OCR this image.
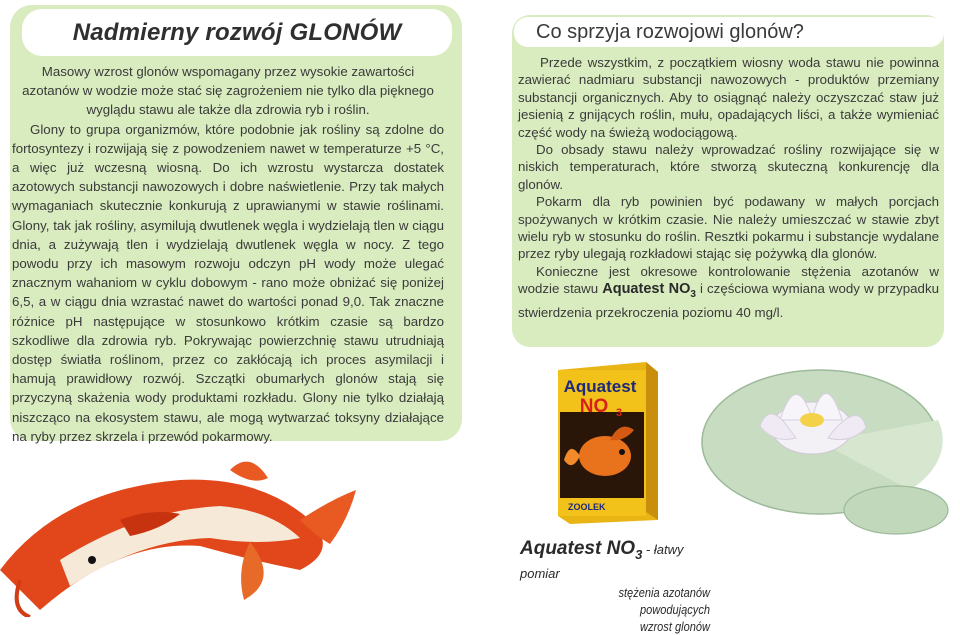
Nadmierny rozwój GLONÓW

Masowy wzrost glonów wspomagany przez wysokie zawartości azotanów w wodzie może stać się zagrożeniem nie tylko dla pięknego wyglądu stawu ale także dla zdrowia ryb i roślin.

Glony to grupa organizmów, które podobnie jak rośliny są zdolne do fortosyntezy i rozwijają się z powodzeniem nawet w temperaturze +5 °C, a więc już wczesną wiosną. Do ich wzrostu wystarcza dostatek azotowych substancji nawozowych i dobre naświetlenie. Przy tak małych wymaganiach skutecznie konkurują z uprawianymi w stawie roślinami. Glony, tak jak rośliny, asymilują dwutlenek węgla i wydzielają tlen w ciągu dnia, a zużywają tlen i wydzielają dwutlenek węgla w nocy. Z tego powodu przy ich masowym rozwoju odczyn pH wody może ulegać znacznym wahaniom w cyklu dobowym - rano może obniżać się poniżej 6,5, a w ciągu dnia wzrastać nawet do wartości ponad 9,0. Tak znaczne różnice pH następujące w stosunkowo krótkim czasie są bardzo szkodliwe dla zdrowia ryb. Pokrywając powierzchnię stawu utrudniają dostęp światła roślinom, przez co zakłócają ich proces asymilacji i hamują prawidłowy rozwój. Szczątki obumarłych glonów stają się przyczyną skażenia wody produktami rozkładu. Glony nie tylko działają niszcząco na ekosystem stawu, ale mogą wytwarzać toksyny działające na ryby przez skrzela i przewód pokarmowy.

Co sprzyja rozwojowi glonów?

Przede wszystkim, z początkiem wiosny woda stawu nie powinna zawierać nadmiaru substancji nawozowych - produktów przemiany substancji organicznych. Aby to osiągnąć należy oczyszczać staw już jesienią z gnijących roślin, mułu, opadających liści, a także wymieniać część wody na świeżą wodociągową.

Do obsady stawu należy wprowadzać rośliny rozwijające się w niskich temperaturach, które stworzą skuteczną konkurencję dla glonów.

Pokarm dla ryb powinien być podawany w małych porcjach spożywanych w krótkim czasie. Nie należy umieszczać w stawie zbyt wielu ryb w stosunku do roślin. Resztki pokarmu i substancje wydalane przez ryby ulegają rozkładowi stając się pożywką dla glonów.

Konieczne jest okresowe kontrolowanie stężenia azotanów w wodzie stawu Aquatest $NO_3$ i częściowa wymiana wody w przypadku stwierdzenia przekroczenia poziomu 40 mg/l.

Aquatest
NO 3
ZOOLEK
Aquatest $NO_3$ - łatwy pomiar
stężenia azotanów powodujących
wzrost glonów
